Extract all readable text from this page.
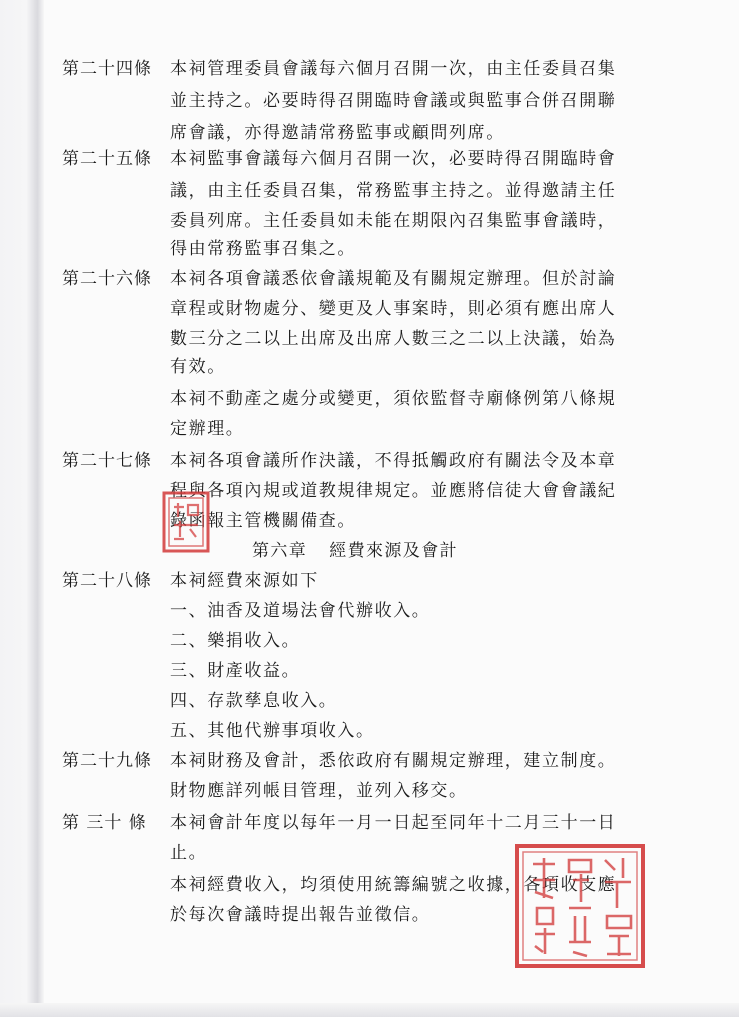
第二十四條 本祠管理委員會議每六個月召開一次，由主任委員召集
並主持之。必要時得召開臨時會議或與監事合併召開聯
席會議，亦得邀請常務監事或顧問列席。
第二十五條 本祠監事會議每六個月召開一次，必要時得召開臨時會
議，由主任委員召集，常務監事主持之。並得邀請主任
委員列席。主任委員如未能在期限內召集監事會議時，
得由常務監事召集之。
第二十六條 本祠各項會議悉依會議規範及有關規定辦理。但於討論
章程或財物處分、變更及人事案時，則必須有應出席人
數三分之二以上出席及出席人數三之二以上決議，始為
有效。
本祠不動產之處分或變更，須依監督寺廟條例第八條規
定辦理。
第二十七條 本祠各項會議所作決議，不得抵觸政府有關法令及本章
程與各項內規或道教規律規定。並應將信徒大會會議紀
錄函報主管機關備查。
第六章 經費來源及會計
第二十八條 本祠經費來源如下
一、油香及道場法會代辦收入。
二、樂捐收入。
三、財產收益。
四、存款孳息收入。
五、其他代辦事項收入。
第二十九條 本祠財務及會計，悉依政府有關規定辦理，建立制度。
財物應詳列帳目管理，並列入移交。
第 三十 條 本祠會計年度以每年一月一日起至同年十二月三十一日
止。
本祠經費收入，均須使用統籌編號之收據，各項收支應
於每次會議時提出報告並徵信。
